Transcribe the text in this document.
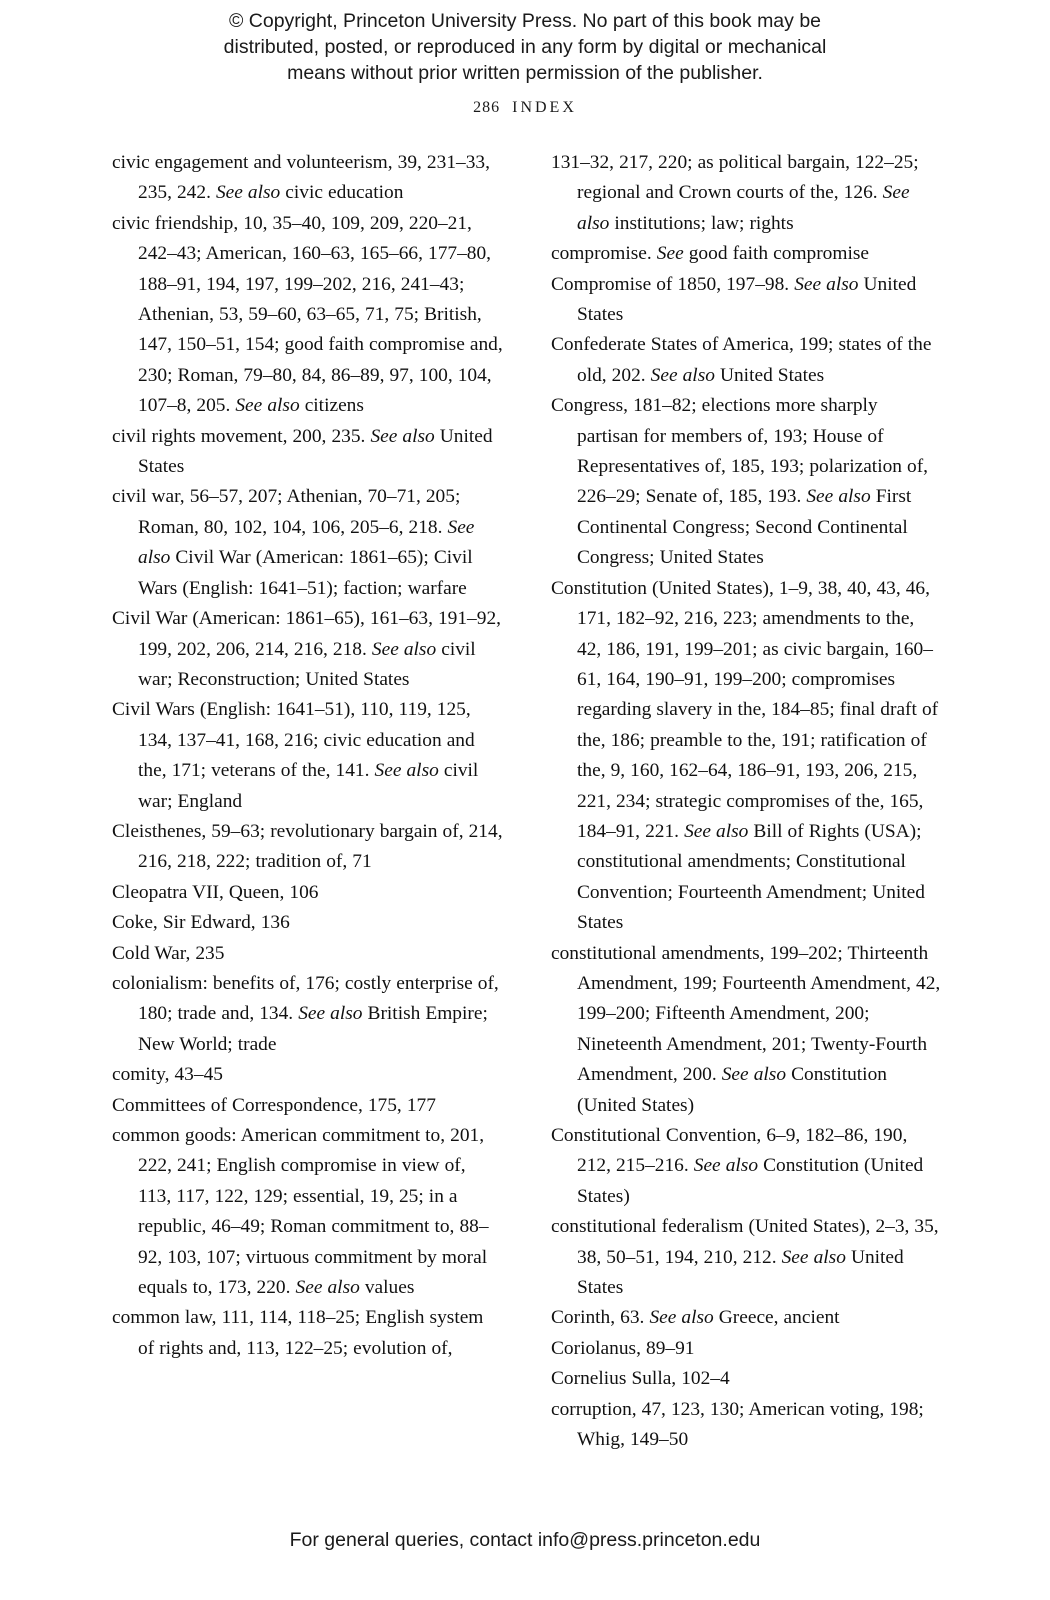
© Copyright, Princeton University Press. No part of this book may be
distributed, posted, or reproduced in any form by digital or mechanical
means without prior written permission of the publisher.
286 INDEX

civic engagement and volunteerism, 39, 231–33, 235, 242. See also civic education

civic friendship, 10, 35–40, 109, 209, 220–21, 242–43; American, 160–63, 165–66, 177–80, 188–91, 194, 197, 199–202, 216, 241–43; Athenian, 53, 59–60, 63–65, 71, 75; British, 147, 150–51, 154; good faith compromise and, 230; Roman, 79–80, 84, 86–89, 97, 100, 104, 107–8, 205. See also citizens

civil rights movement, 200, 235. See also United States

civil war, 56–57, 207; Athenian, 70–71, 205; Roman, 80, 102, 104, 106, 205–6, 218. See also Civil War (American: 1861–65); Civil Wars (English: 1641–51); faction; warfare

Civil War (American: 1861–65), 161–63, 191–92, 199, 202, 206, 214, 216, 218. See also civil war; Reconstruction; United States

Civil Wars (English: 1641–51), 110, 119, 125, 134, 137–41, 168, 216; civic education and the, 171; veterans of the, 141. See also civil war; England

Cleisthenes, 59–63; revolutionary bargain of, 214, 216, 218, 222; tradition of, 71

Cleopatra VII, Queen, 106

Coke, Sir Edward, 136

Cold War, 235

colonialism: benefits of, 176; costly enterprise of, 180; trade and, 134. See also British Empire; New World; trade

comity, 43–45

Committees of Correspondence, 175, 177

common goods: American commitment to, 201, 222, 241; English compromise in view of, 113, 117, 122, 129; essential, 19, 25; in a republic, 46–49; Roman commitment to, 88–92, 103, 107; virtuous commitment by moral equals to, 173, 220. See also values

common law, 111, 114, 118–25; English system of rights and, 113, 122–25; evolution of,

131–32, 217, 220; as political bargain, 122–25; regional and Crown courts of the, 126. See also institutions; law; rights

compromise. See good faith compromise

Compromise of 1850, 197–98. See also United States

Confederate States of America, 199; states of the old, 202. See also United States

Congress, 181–82; elections more sharply partisan for members of, 193; House of Representatives of, 185, 193; polarization of, 226–29; Senate of, 185, 193. See also First Continental Congress; Second Continental Congress; United States

Constitution (United States), 1–9, 38, 40, 43, 46, 171, 182–92, 216, 223; amendments to the, 42, 186, 191, 199–201; as civic bargain, 160–61, 164, 190–91, 199–200; compromises regarding slavery in the, 184–85; final draft of the, 186; preamble to the, 191; ratification of the, 9, 160, 162–64, 186–91, 193, 206, 215, 221, 234; strategic compromises of the, 165, 184–91, 221. See also Bill of Rights (USA); constitutional amendments; Constitutional Convention; Fourteenth Amendment; United States

constitutional amendments, 199–202; Thirteenth Amendment, 199; Fourteenth Amendment, 42, 199–200; Fifteenth Amendment, 200; Nineteenth Amendment, 201; Twenty-Fourth Amendment, 200. See also Constitution (United States)

Constitutional Convention, 6–9, 182–86, 190, 212, 215–216. See also Constitution (United States)

constitutional federalism (United States), 2–3, 35, 38, 50–51, 194, 210, 212. See also United States

Corinth, 63. See also Greece, ancient

Coriolanus, 89–91

Cornelius Sulla, 102–4

corruption, 47, 123, 130; American voting, 198; Whig, 149–50

For general queries, contact info@press.princeton.edu
